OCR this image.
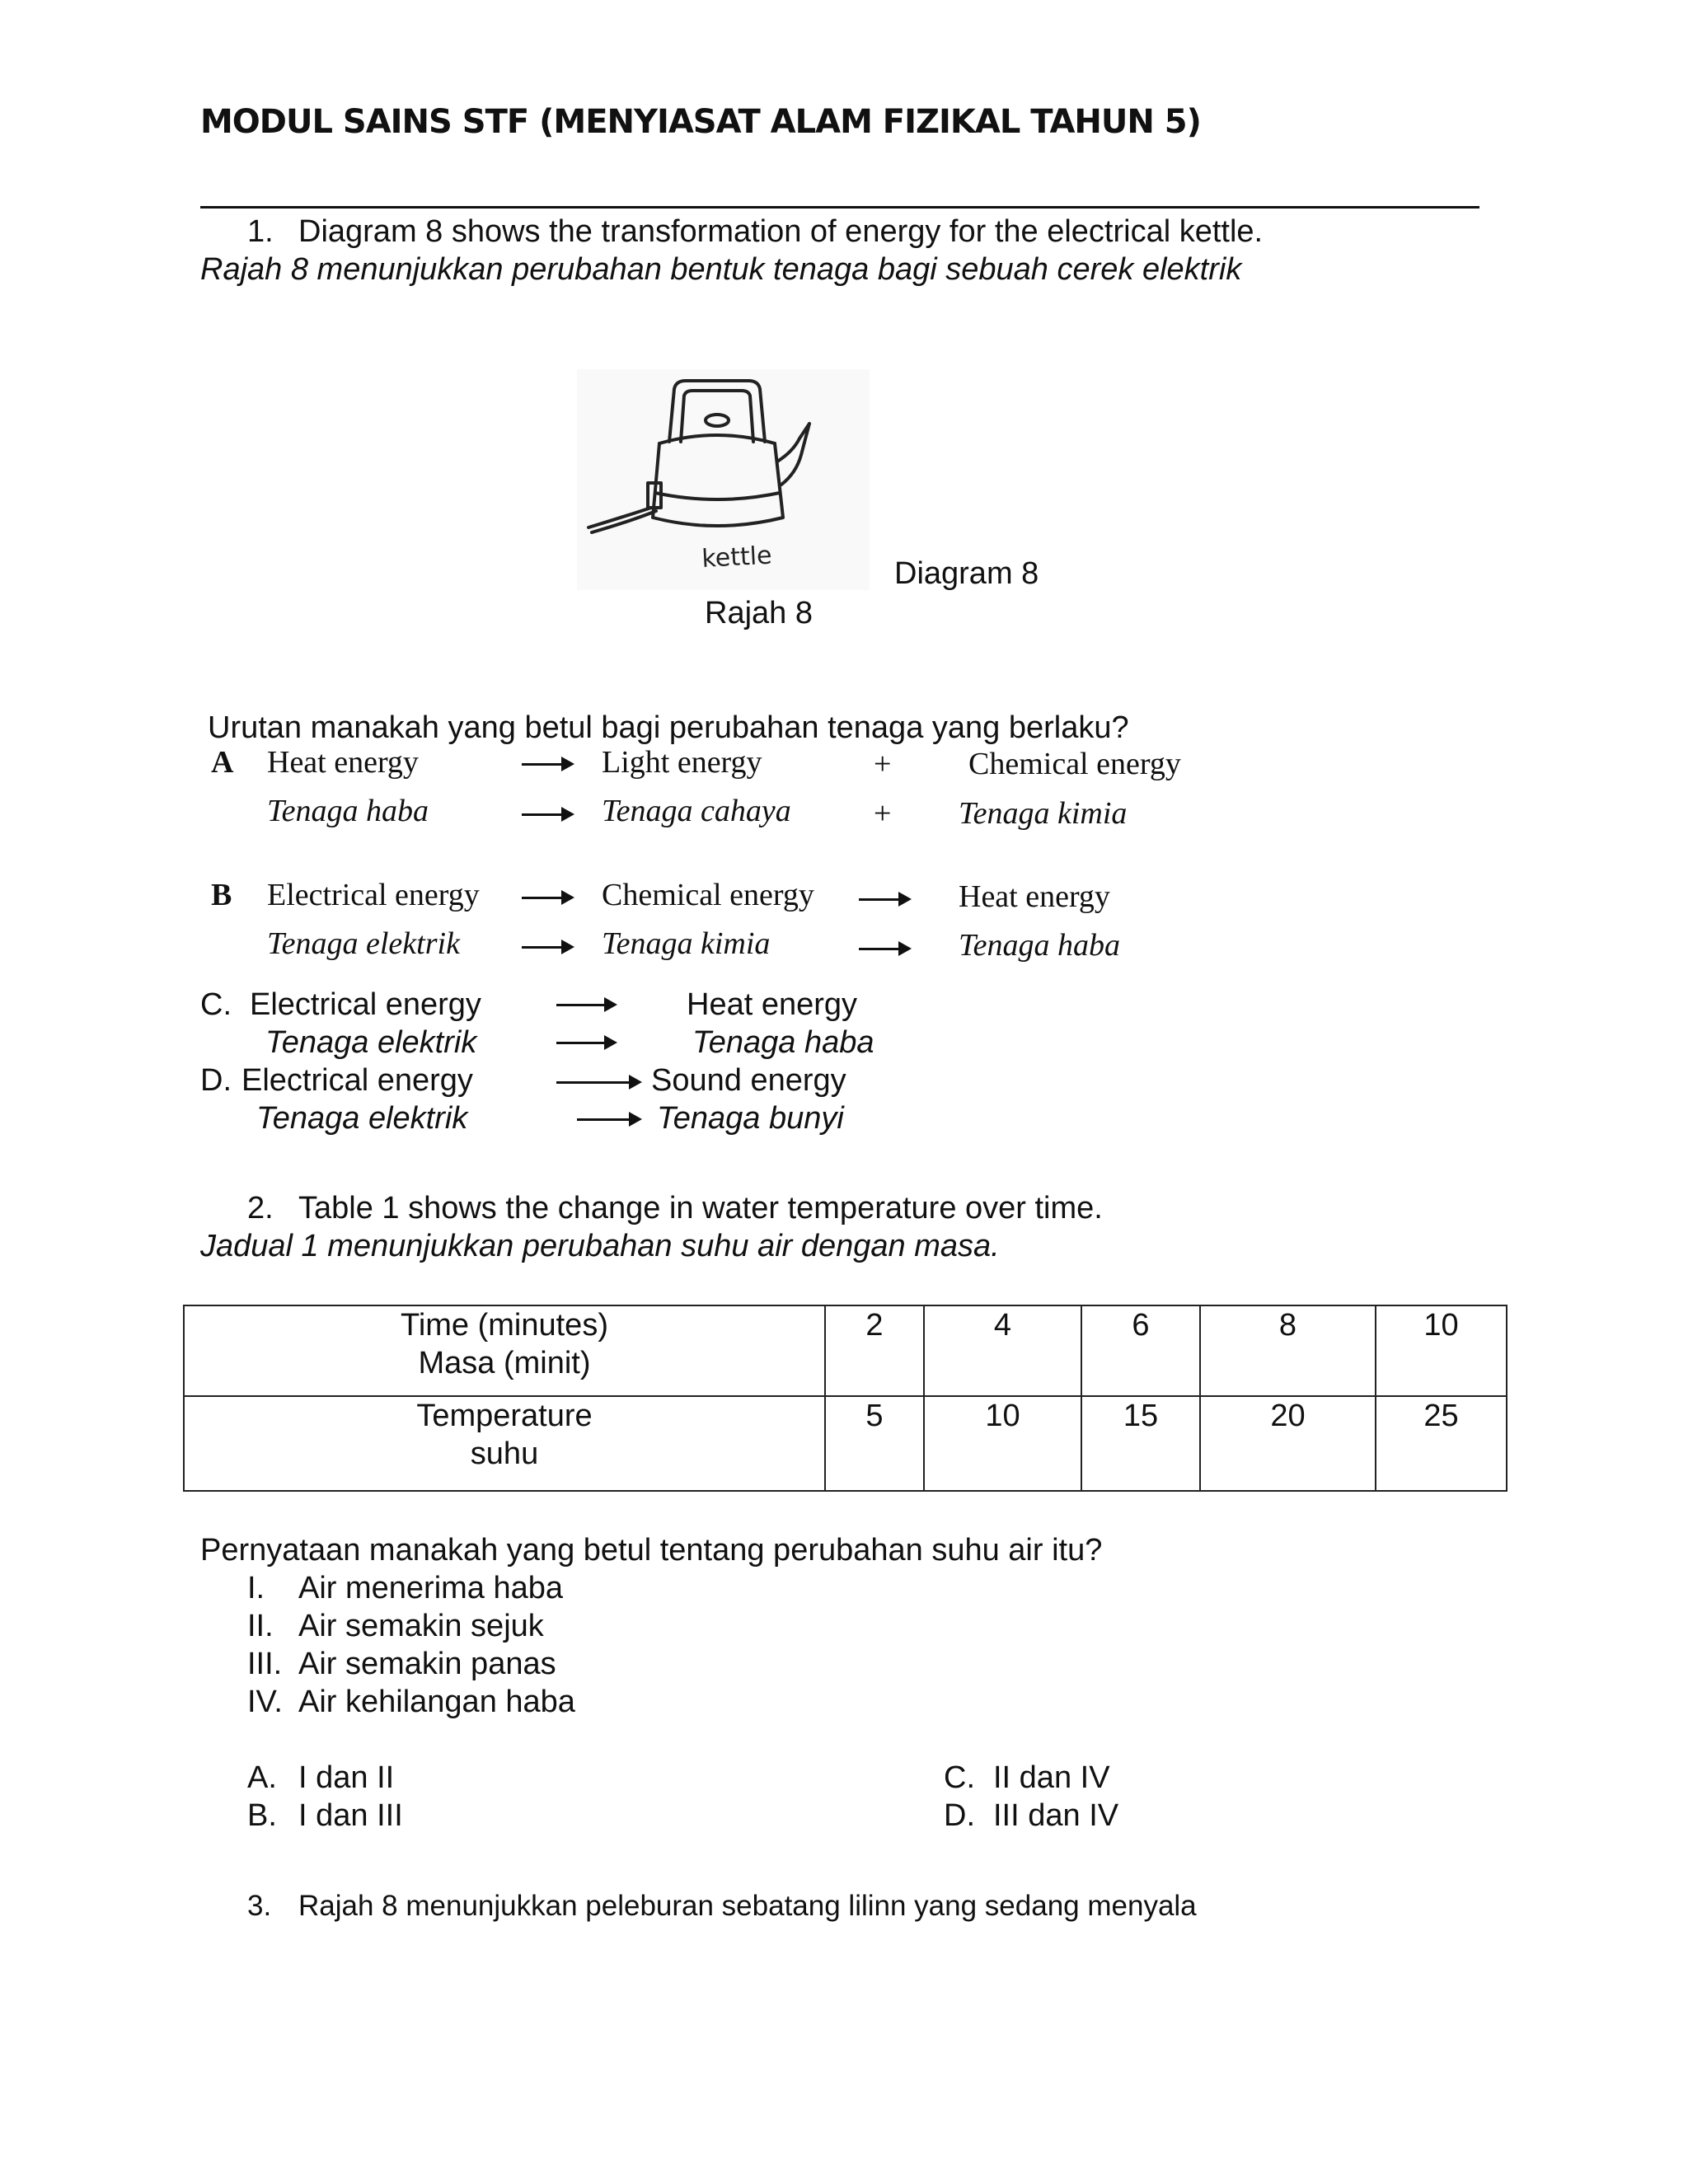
MODUL SAINS STF (MENYIASAT ALAM FIZIKAL TAHUN 5)
1. Diagram 8 shows the transformation of energy for the electrical kettle.
Rajah 8 menunjukkan perubahan bentuk tenaga bagi sebuah cerek elektrik
kettle	Diagram 8
Rajah 8
Urutan manakah yang betul bagi perubahan tenaga yang berlaku?
A Heat energy	Light energy	+ Chemical energy
Tenaga haba	Tenaga cahaya	+ Tenaga kimia
B Electrical energy	Chemical energy	Heat energy
Tenaga elektrik	Tenaga kimia	Tenaga haba
C. Electrical energy	Heat energy
Tenaga elektrik	Tenaga haba
D. Electrical energy	Sound energy
Tenaga elektrik	Tenaga bunyi
2. Table 1 shows the change in water temperature over time.
Jadual 1 menunjukkan perubahan suhu air dengan masa.
Time (minutes)
Masa (minit)	2	4	6	8	10

Temperature
suhu	5	10	15	20	25
Pernyataan manakah yang betul tentang perubahan suhu air itu?
I. Air menerima haba
II. Air semakin sejuk
III. Air semakin panas
IV. Air kehilangan haba
A. I dan II
B. I dan III
C. II dan IV
D. III dan IV
3. Rajah 8 menunjukkan peleburan sebatang lilinn yang sedang menyala
